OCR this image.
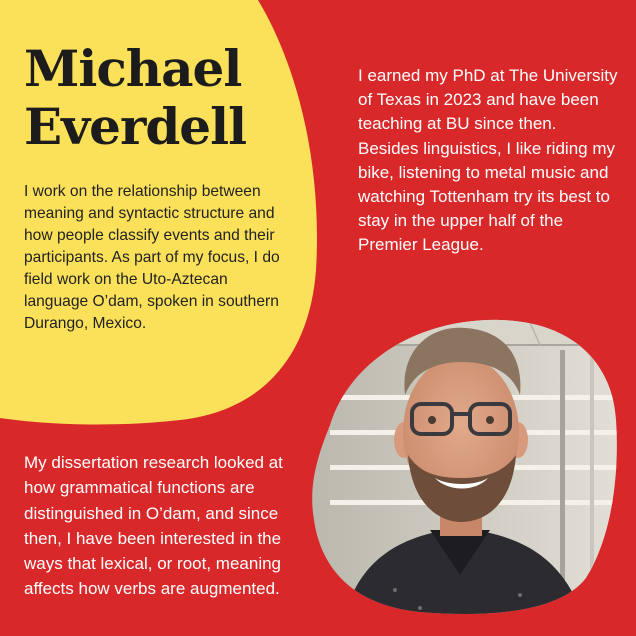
Michael
Everdell

I work on the relationship between meaning and syntactic structure and how people classify events and their participants. As part of my focus, I do field work on the Uto-Aztecan language O’dam, spoken in southern Durango, Mexico.

I earned my PhD at The University of Texas in 2023 and have been teaching at BU since then. Besides linguistics, I like riding my bike, listening to metal music and watching Tottenham try its best to stay in the upper half of the Premier League.

My dissertation research looked at how grammatical functions are distinguished in O’dam, and since then, I have been interested in the ways that lexical, or root, meaning affects how verbs are augmented.
